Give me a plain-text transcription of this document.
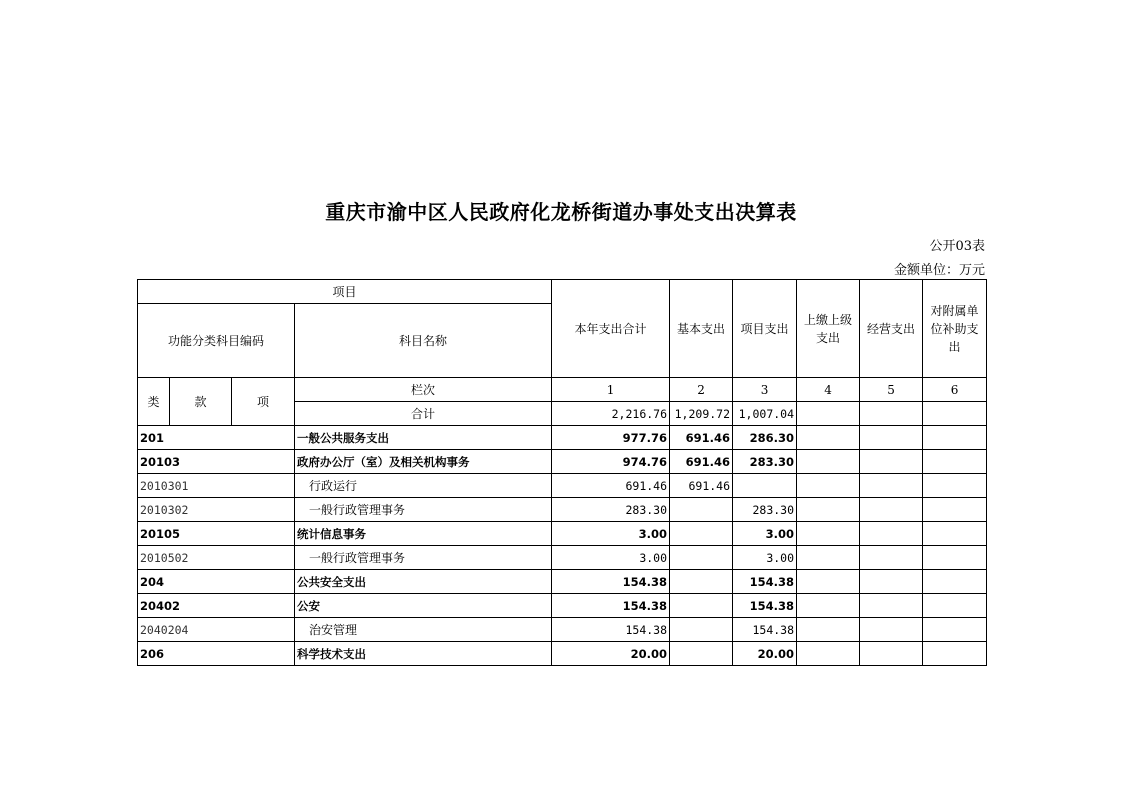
重庆市渝中区人民政府化龙桥街道办事处支出决算表
公开03表
金额单位：万元
项目				本年支出合计	基本支出	项目支出	上缴上级支出	经营支出	对附属单位补助支出
功能分类科目编码			科目名称						
类	款	项	栏次	1	2	3	4	5	6
			合计	2,216.76	1,209.72	1,007.04			
201			一般公共服务支出	977.76	691.46	286.30			
20103			政府办公厅（室）及相关机构事务	974.76	691.46	283.30			
2010301			行政运行	691.46	691.46				
2010302			一般行政管理事务	283.30		283.30			
20105			统计信息事务	3.00		3.00			
2010502			一般行政管理事务	3.00		3.00			
204			公共安全支出	154.38		154.38			
20402			公安	154.38		154.38			
2040204			治安管理	154.38		154.38			
206			科学技术支出	20.00		20.00			
